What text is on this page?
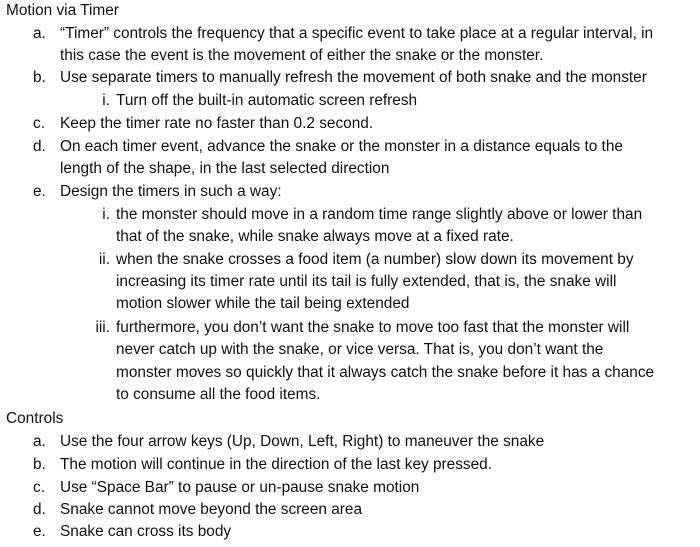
Motion via Timer
a. “Timer” controls the frequency that a specific event to take place at a regular interval, in
this case the event is the movement of either the snake or the monster.
b. Use separate timers to manually refresh the movement of both snake and the monster
i. Turn off the built-in automatic screen refresh
c. Keep the timer rate no faster than 0.2 second.
d. On each timer event, advance the snake or the monster in a distance equals to the
length of the shape, in the last selected direction
e. Design the timers in such a way:
i. the monster should move in a random time range slightly above or lower than
that of the snake, while snake always move at a fixed rate.
ii. when the snake crosses a food item (a number) slow down its movement by
increasing its timer rate until its tail is fully extended, that is, the snake will
motion slower while the tail being extended
iii. furthermore, you don’t want the snake to move too fast that the monster will
never catch up with the snake, or vice versa. That is, you don’t want the
monster moves so quickly that it always catch the snake before it has a chance
to consume all the food items.
Controls
a. Use the four arrow keys (Up, Down, Left, Right) to maneuver the snake
b. The motion will continue in the direction of the last key pressed.
c. Use “Space Bar” to pause or un-pause snake motion
d. Snake cannot move beyond the screen area
e. Snake can cross its body
